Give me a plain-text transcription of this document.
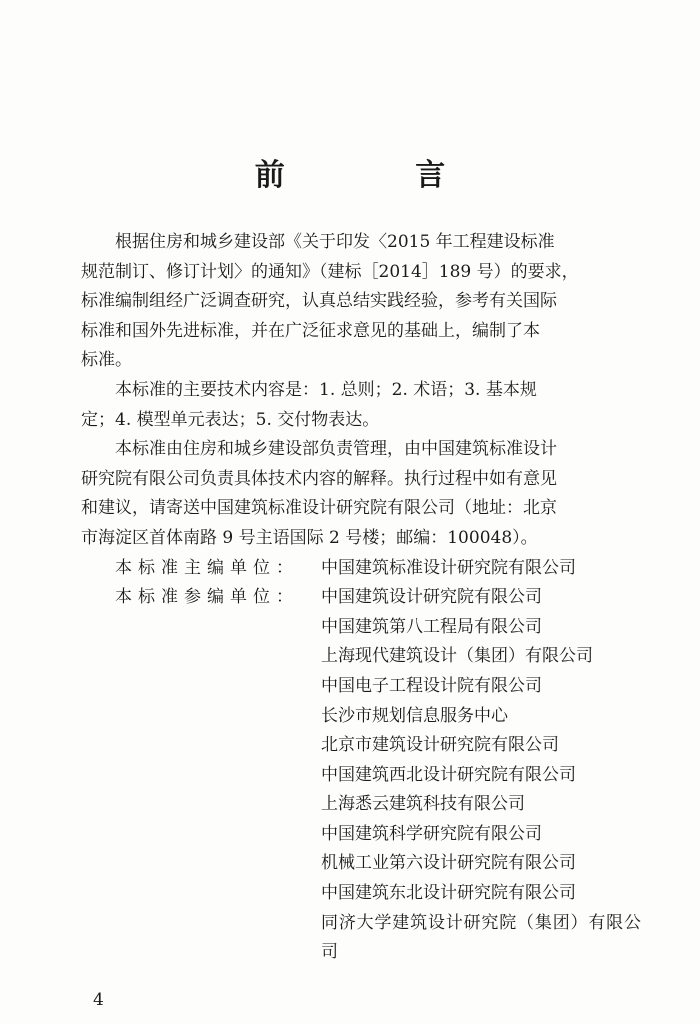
前 言

根据住房和城乡建设部《关于印发〈2015 年工程建设标准
规范制订、修订计划〉的通知》（建标［2014］189 号）的要求，
标准编制组经广泛调查研究，认真总结实践经验，参考有关国际
标准和国外先进标准，并在广泛征求意见的基础上，编制了本
标准。

本标准的主要技术内容是：1. 总则；2. 术语；3. 基本规
定；4. 模型单元表达；5. 交付物表达。

本标准由住房和城乡建设部负责管理，由中国建筑标准设计
研究院有限公司负责具体技术内容的解释。执行过程中如有意见
和建议，请寄送中国建筑标准设计研究院有限公司（地址：北京
市海淀区首体南路 9 号主语国际 2 号楼；邮编：100048）。

本标准主编单位：	中国建筑标准设计研究院有限公司
本标准参编单位：	中国建筑设计研究院有限公司
中国建筑第八工程局有限公司
上海现代建筑设计（集团）有限公司
中国电子工程设计院有限公司
长沙市规划信息服务中心
北京市建筑设计研究院有限公司
中国建筑西北设计研究院有限公司
上海悉云建筑科技有限公司
中国建筑科学研究院有限公司
机械工业第六设计研究院有限公司
中国建筑东北设计研究院有限公司
同济大学建筑设计研究院（集团）有限公司
4
